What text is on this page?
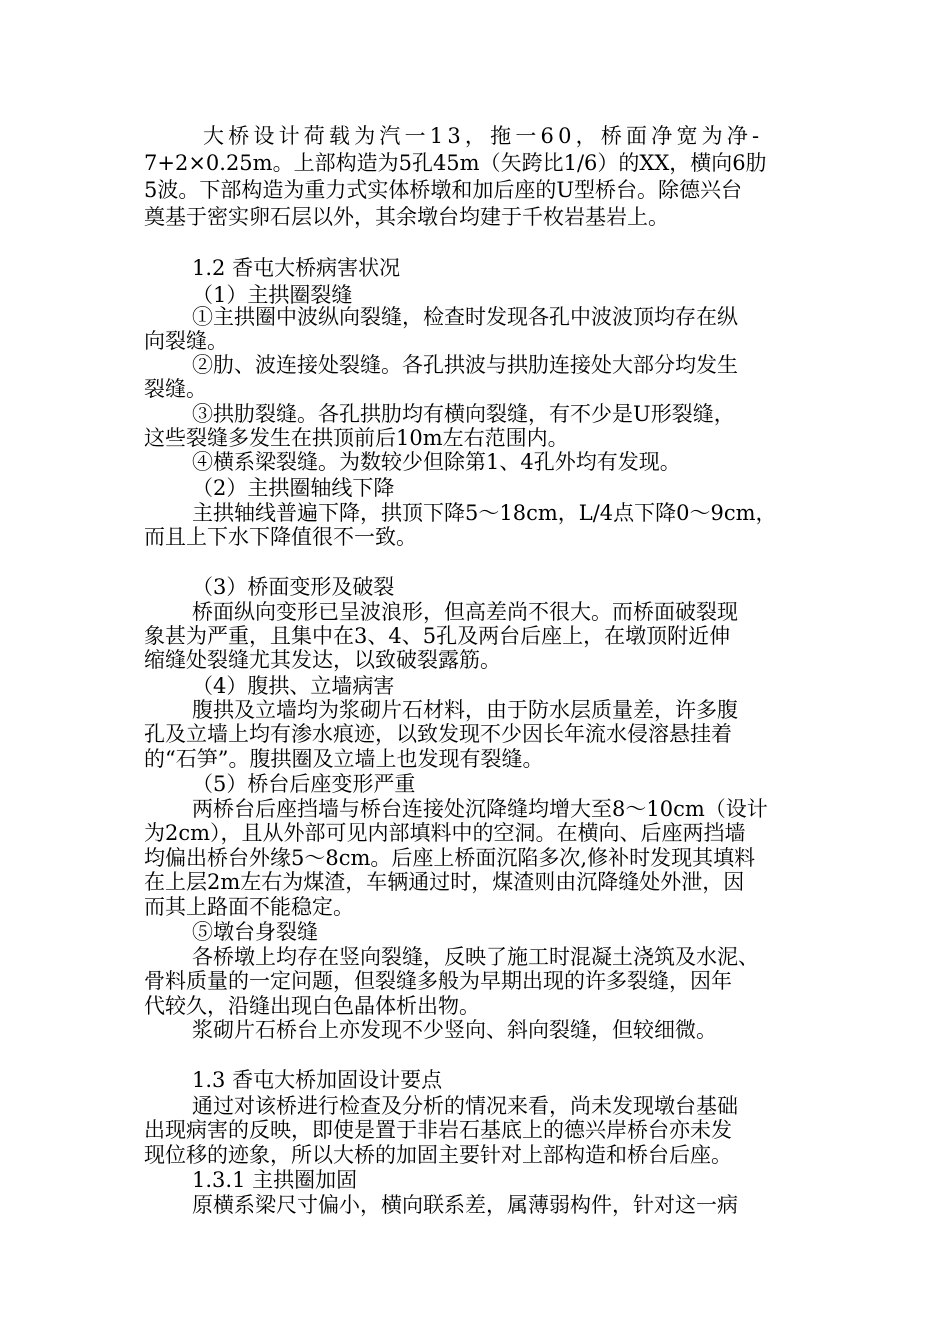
大桥设计荷载为汽一13，拖一60，桥面净宽为净-
7+2×0.25m。上部构造为5孔45m（矢跨比1/6）的XX，横向6肋
5波。下部构造为重力式实体桥墩和加后座的U型桥台。除德兴台
奠基于密实卵石层以外，其余墩台均建于千枚岩基岩上。
1.2 香屯大桥病害状况
（1）主拱圈裂缝
①主拱圈中波纵向裂缝，检查时发现各孔中波波顶均存在纵
向裂缝。
②肋、波连接处裂缝。各孔拱波与拱肋连接处大部分均发生
裂缝。
③拱肋裂缝。各孔拱肋均有横向裂缝，有不少是U形裂缝，
这些裂缝多发生在拱顶前后10m左右范围内。
④横系梁裂缝。为数较少但除第1、4孔外均有发现。
（2）主拱圈轴线下降
主拱轴线普遍下降，拱顶下降5～18cm，L/4点下降0～9cm，
而且上下水下降值很不一致。
（3）桥面变形及破裂
桥面纵向变形已呈波浪形，但高差尚不很大。而桥面破裂现
象甚为严重，且集中在3、4、5孔及两台后座上，在墩顶附近伸
缩缝处裂缝尤其发达，以致破裂露筋。
（4）腹拱、立墙病害
腹拱及立墙均为浆砌片石材料，由于防水层质量差，许多腹
孔及立墙上均有渗水痕迹，以致发现不少因长年流水侵溶悬挂着
的“石笋”。腹拱圈及立墙上也发现有裂缝。
（5）桥台后座变形严重
两桥台后座挡墙与桥台连接处沉降缝均增大至8～10cm（设计
为2cm），且从外部可见内部填料中的空洞。在横向、后座两挡墙
均偏出桥台外缘5～8cm。后座上桥面沉陷多次,修补时发现其填料
在上层2m左右为煤渣，车辆通过时，煤渣则由沉降缝处外泄，因
而其上路面不能稳定。
⑤墩台身裂缝
各桥墩上均存在竖向裂缝，反映了施工时混凝土浇筑及水泥、
骨料质量的一定问题，但裂缝多般为早期出现的许多裂缝，因年
代较久，沿缝出现白色晶体析出物。
浆砌片石桥台上亦发现不少竖向、斜向裂缝，但较细微。
1.3 香屯大桥加固设计要点
通过对该桥进行检查及分析的情况来看，尚未发现墩台基础
出现病害的反映，即使是置于非岩石基底上的德兴岸桥台亦未发
现位移的迹象，所以大桥的加固主要针对上部构造和桥台后座。
1.3.1 主拱圈加固
原横系梁尺寸偏小，横向联系差，属薄弱构件，针对这一病
